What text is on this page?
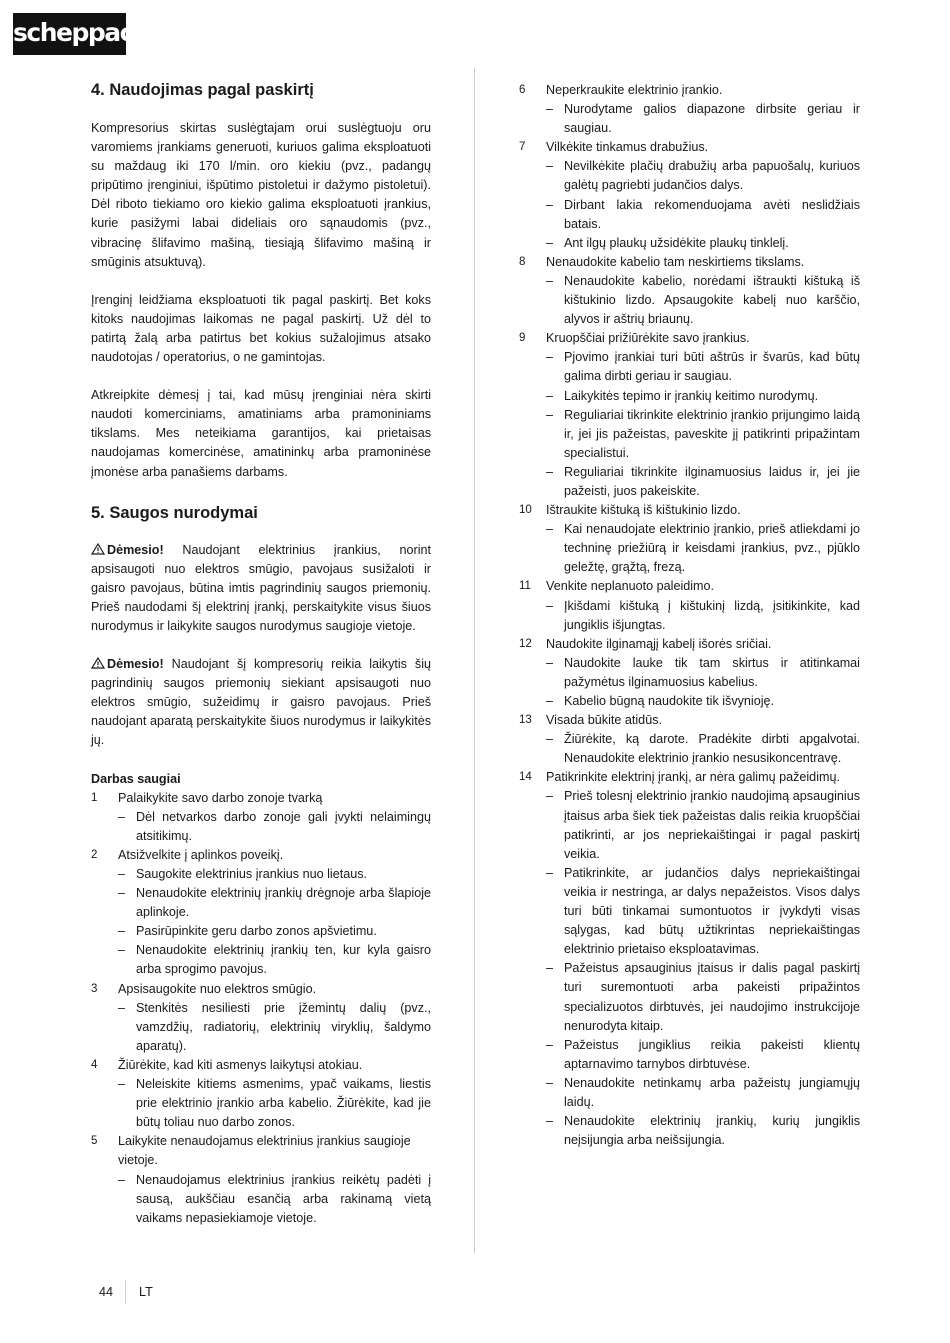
scheppach
4. Naudojimas pagal paskirtį

Kompresorius skirtas suslėgtajam orui suslėgtuoju oru varomiems įrankiams generuoti, kuriuos galima eksploatuoti su maždaug iki 170 l/min. oro kiekiu (pvz., padangų pripūtimo įrenginiui, išpūtimo pistoletui ir dažymo pistoletui). Dėl riboto tiekiamo oro kiekio galima eksploatuoti įrankius, kurie pasižymi labai dideliais oro sąnaudomis (pvz., vibracinę šlifavimo mašiną, tiesiąją šlifavimo mašiną ir smūginis atsuktuvą).

Įrenginį leidžiama eksploatuoti tik pagal paskirtį. Bet koks kitoks naudojimas laikomas ne pagal paskirtį. Už dėl to patirtą žalą arba patirtus bet kokius sužalojimus atsako naudotojas / operatorius, o ne gamintojas.

Atkreipkite dėmesį į tai, kad mūsų įrenginiai nėra skirti naudoti komerciniams, amatiniams arba pramoniniams tikslams. Mes neteikiama garantijos, kai prietaisas naudojamas komercinėse, amatininkų arba pramoninėse įmonėse arba panašiems darbams.

5. Saugos nurodymai

Dėmesio! Naudojant elektrinius įrankius, norint apsisaugoti nuo elektros smūgio, pavojaus susižaloti ir gaisro pavojaus, būtina imtis pagrindinių saugos priemonių. Prieš naudodami šį elektrinį įrankį, perskaitykite visus šiuos nurodymus ir laikykite saugos nurodymus saugioje vietoje.

Dėmesio! Naudojant šį kompresorių reikia laikytis šių pagrindinių saugos priemonių siekiant apsisaugoti nuo elektros smūgio, sužeidimų ir gaisro pavojaus. Prieš naudojant aparatą perskaitykite šiuos nurodymus ir laikykitės jų.

Darbas saugiai
1 Palaikykite savo darbo zonoje tvarką
– Dėl netvarkos darbo zonoje gali įvykti nelaimingų atsitikimų.
2 Atsižvelkite į aplinkos poveikį.
– Saugokite elektrinius įrankius nuo lietaus.
– Nenaudokite elektrinių įrankių drėgnoje arba šlapioje aplinkoje.
– Pasirūpinkite geru darbo zonos apšvietimu.
– Nenaudokite elektrinių įrankių ten, kur kyla gaisro arba sprogimo pavojus.
3 Apsisaugokite nuo elektros smūgio.
– Stenkitės nesiliesti prie įžemintų dalių (pvz., vamzdžių, radiatorių, elektrinių viryklių, šaldymo aparatų).
4 Žiūrėkite, kad kiti asmenys laikytųsi atokiau.
– Neleiskite kitiems asmenims, ypač vaikams, liestis prie elektrinio įrankio arba kabelio. Žiūrėkite, kad jie būtų toliau nuo darbo zonos.
5 Laikykite nenaudojamus elektrinius įrankius saugioje vietoje.
– Nenaudojamus elektrinius įrankius reikėtų padėti į sausą, aukščiau esančią arba rakinamą vietą vaikams nepasiekiamoje vietoje.
6 Neperkraukite elektrinio įrankio.
– Nurodytame galios diapazone dirbsite geriau ir saugiau.
7 Vilkėkite tinkamus drabužius.
– Nevilkėkite plačių drabužių arba papuošalų, kuriuos galėtų pagriebti judančios dalys.
– Dirbant lakia rekomenduojama avėti neslidžiais batais.
– Ant ilgų plaukų užsidėkite plaukų tinklelį.
8 Nenaudokite kabelio tam neskirtiems tikslams.
– Nenaudokite kabelio, norėdami ištraukti kištuką iš kištukinio lizdo. Apsaugokite kabelį nuo karščio, alyvos ir aštrių briaunų.
9 Kruopščiai prižiūrėkite savo įrankius.
– Pjovimo įrankiai turi būti aštrūs ir švarūs, kad būtų galima dirbti geriau ir saugiau.
– Laikykitės tepimo ir įrankių keitimo nurodymų.
– Reguliariai tikrinkite elektrinio įrankio prijungimo laidą ir, jei jis pažeistas, paveskite jį patikrinti pripažintam specialistui.
– Reguliariai tikrinkite ilginamuosius laidus ir, jei jie pažeisti, juos pakeiskite.
10 Ištraukite kištuką iš kištukinio lizdo.
– Kai nenaudojate elektrinio įrankio, prieš atliekdami jo techninę priežiūrą ir keisdami įrankius, pvz., pjūklo geležtę, grąžtą, frezą.
11 Venkite neplanuoto paleidimo.
– Įkišdami kištuką į kištukinį lizdą, įsitikinkite, kad jungiklis išjungtas.
12 Naudokite ilginamąjį kabelį išorės sričiai.
– Naudokite lauke tik tam skirtus ir atitinkamai pažymėtus ilginamuosius kabelius.
– Kabelio būgną naudokite tik išvynioję.
13 Visada būkite atidūs.
– Žiūrėkite, ką darote. Pradėkite dirbti apgalvotai. Nenaudokite elektrinio įrankio nesusikoncentravę.
14 Patikrinkite elektrinį įrankį, ar nėra galimų pažeidimų.
– Prieš tolesnį elektrinio įrankio naudojimą apsauginius įtaisus arba šiek tiek pažeistas dalis reikia kruopščiai patikrinti, ar jos nepriekaištingai ir pagal paskirtį veikia.
– Patikrinkite, ar judančios dalys nepriekaištingai veikia ir nestringa, ar dalys nepažeistos. Visos dalys turi būti tinkamai sumontuotos ir įvykdyti visas sąlygas, kad būtų užtikrintas nepriekaištingas elektrinio prietaiso eksploatavimas.
– Pažeistus apsauginius įtaisus ir dalis pagal paskirtį turi suremontuoti arba pakeisti pripažintos specializuotos dirbtuvės, jei naudojimo instrukcijoje nenurodyta kitaip.
– Pažeistus jungiklius reikia pakeisti klientų aptarnavimo tarnybos dirbtuvėse.
– Nenaudokite netinkamų arba pažeistų jungiamųjų laidų.
– Nenaudokite elektrinių įrankių, kurių jungiklis neįsijungia arba neišsijungia.
44 LT
